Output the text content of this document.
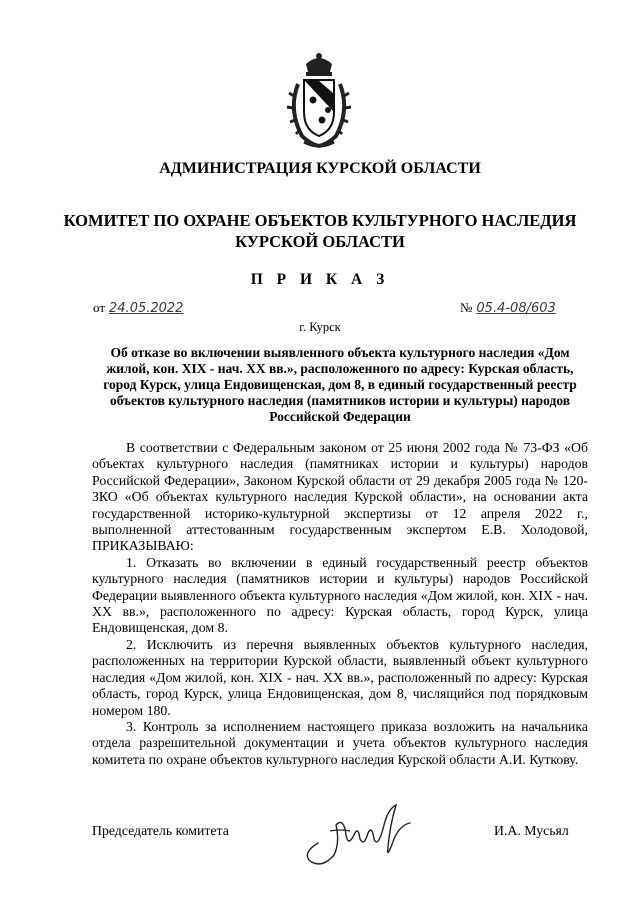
АДМИНИСТРАЦИЯ КУРСКОЙ ОБЛАСТИ
КОМИТЕТ ПО ОХРАНЕ ОБЪЕКТОВ КУЛЬТУРНОГО НАСЛЕДИЯ
КУРСКОЙ ОБЛАСТИ
П Р И К А З
от 24.05.2022	№ 05.4-08/603
г. Курск
Об отказе во включении выявленного объекта культурного наследия «Дом жилой, кон. XIX - нач. XX вв.», расположенного по адресу: Курская область, город Курск, улица Ендовищенская, дом 8, в единый государственный реестр объектов культурного наследия (памятников истории и культуры) народов Российской Федерации

В соответствии с Федеральным законом от 25 июня 2002 года № 73-ФЗ «Об объектах культурного наследия (памятниках истории и культуры) народов Российской Федерации», Законом Курской области от 29 декабря 2005 года № 120-ЗКО «Об объектах культурного наследия Курской области», на основании акта государственной историко-культурной экспертизы от 12 апреля 2022 г., выполненной аттестованным государственным экспертом Е.В. Холодовой, ПРИКАЗЫВАЮ:

1. Отказать во включении в единый государственный реестр объектов культурного наследия (памятников истории и культуры) народов Российской Федерации выявленного объекта культурного наследия «Дом жилой, кон. XIX - нач. XX вв.», расположенного по адресу: Курская область, город Курск, улица Ендовищенская, дом 8.

2. Исключить из перечня выявленных объектов культурного наследия, расположенных на территории Курской области, выявленный объект культурного наследия «Дом жилой, кон. XIX - нач. XX вв.», расположенный по адресу: Курская область, город Курск, улица Ендовищенская, дом 8, числящийся под порядковым номером 180.

3. Контроль за исполнением настоящего приказа возложить на начальника отдела разрешительной документации и учета объектов культурного наследия комитета по охране объектов культурного наследия Курской области А.И. Куткову.

Председатель комитета	И.А. Мусьял
